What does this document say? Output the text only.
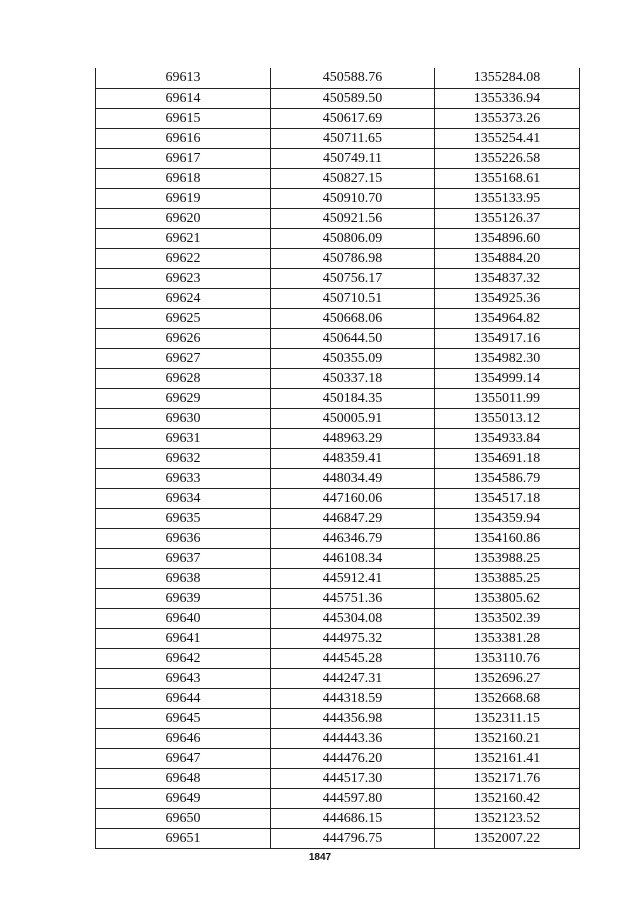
69613	450588.76	1355284.08
69614	450589.50	1355336.94
69615	450617.69	1355373.26
69616	450711.65	1355254.41
69617	450749.11	1355226.58
69618	450827.15	1355168.61
69619	450910.70	1355133.95
69620	450921.56	1355126.37
69621	450806.09	1354896.60
69622	450786.98	1354884.20
69623	450756.17	1354837.32
69624	450710.51	1354925.36
69625	450668.06	1354964.82
69626	450644.50	1354917.16
69627	450355.09	1354982.30
69628	450337.18	1354999.14
69629	450184.35	1355011.99
69630	450005.91	1355013.12
69631	448963.29	1354933.84
69632	448359.41	1354691.18
69633	448034.49	1354586.79
69634	447160.06	1354517.18
69635	446847.29	1354359.94
69636	446346.79	1354160.86
69637	446108.34	1353988.25
69638	445912.41	1353885.25
69639	445751.36	1353805.62
69640	445304.08	1353502.39
69641	444975.32	1353381.28
69642	444545.28	1353110.76
69643	444247.31	1352696.27
69644	444318.59	1352668.68
69645	444356.98	1352311.15
69646	444443.36	1352160.21
69647	444476.20	1352161.41
69648	444517.30	1352171.76
69649	444597.80	1352160.42
69650	444686.15	1352123.52
69651	444796.75	1352007.22
1847
